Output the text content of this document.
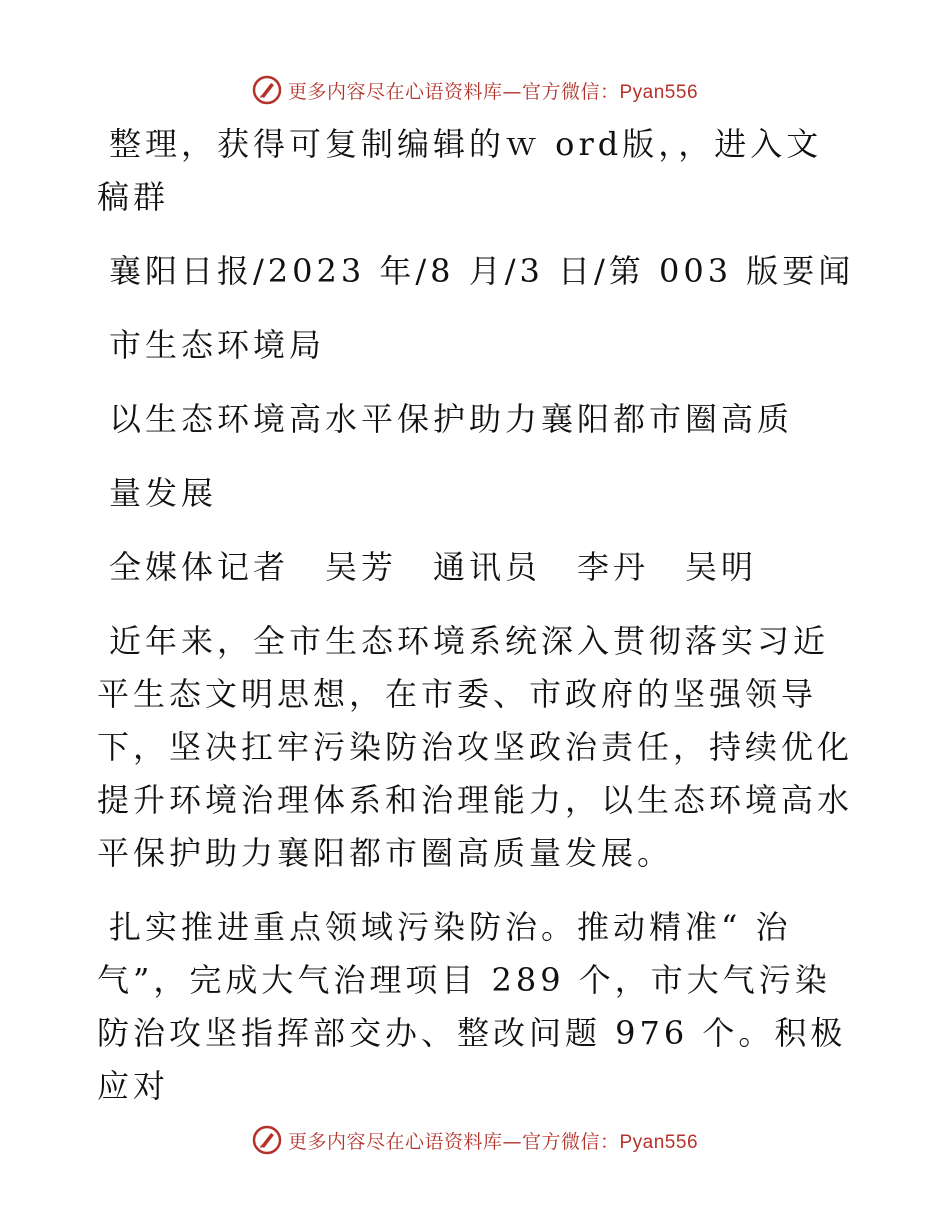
更多内容尽在心语资料库—官方微信：Pyan556

整理，获得可复制编辑的ｗ ord版，，进入文稿群

襄阳日报/2023 年/8 月/3 日/第 003 版要闻

市生态环境局

以生态环境高水平保护助力襄阳都市圈高质

量发展

全媒体记者　吴芳　通讯员　李丹　吴明

近年来，全市生态环境系统深入贯彻落实习近平生态文明思想，在市委、市政府的坚强领导下，坚决扛牢污染防治攻坚政治责任，持续优化提升环境治理体系和治理能力，以生态环境高水平保护助力襄阳都市圈高质量发展。

扎实推进重点领域污染防治。推动精准“ 治气”，完成大气治理项目 289 个，市大气污染防治攻坚指挥部交办、整改问题 976 个。积极应对

更多内容尽在心语资料库—官方微信：Pyan556
